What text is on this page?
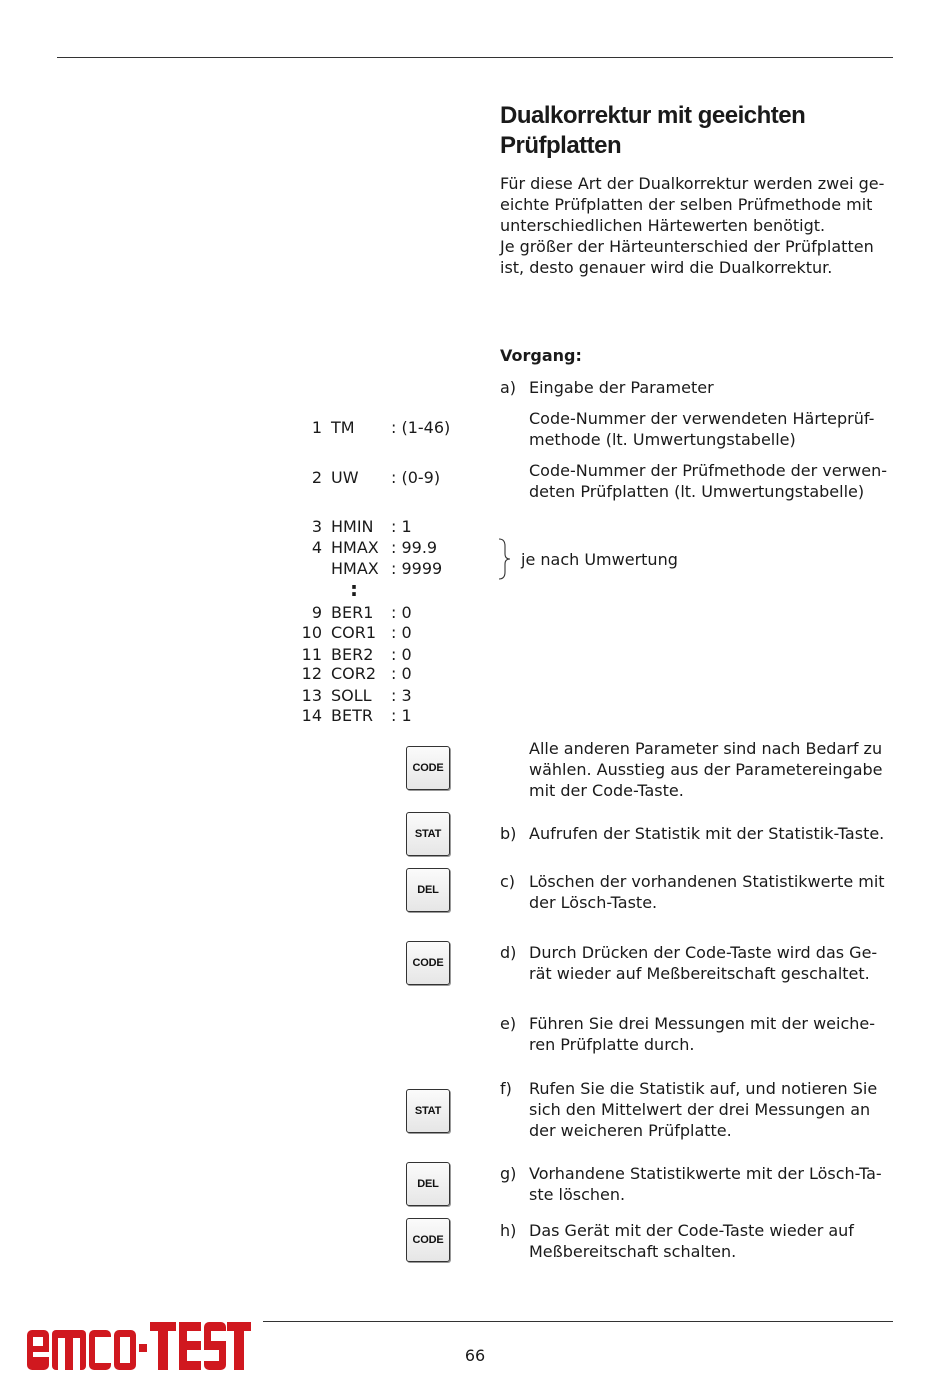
Dualkorrektur mit geeichten
Prüfplatten
Für diese Art der Dualkorrektur werden zwei ge-
eichte Prüfplatten der selben Prüfmethode mit
unterschiedlichen Härtewerten benötigt.
Je größer der Härteunterschied der Prüfplatten
ist, desto genauer wird die Dualkorrektur.
Vorgang:
a) Eingabe der Parameter
Code-Nummer der verwendeten Härteprüf-
methode (lt. Umwertungstabelle)
Code-Nummer der Prüfmethode der verwen-
deten Prüfplatten (lt. Umwertungstabelle)
1 TM : (1-46)
2 UW : (0-9)
3 HMIN : 1
4 HMAX : 99.9
HMAX : 9999
:
9 BER1 : 0
10 COR1 : 0
11 BER2 : 0
12 COR2 : 0
13 SOLL : 3
14 BETR : 1
je nach Umwertung
CODE
STAT
DEL
CODE
STAT
DEL
CODE
Alle anderen Parameter sind nach Bedarf zu
wählen. Ausstieg aus der Parametereingabe
mit der Code-Taste.
b) Aufrufen der Statistik mit der Statistik-Taste.
c) Löschen der vorhandenen Statistikwerte mit
der Lösch-Taste.
d) Durch Drücken der Code-Taste wird das Ge-
rät wieder auf Meßbereitschaft geschaltet.
e) Führen Sie drei Messungen mit der weiche-
ren Prüfplatte durch.
f) Rufen Sie die Statistik auf, und notieren Sie
sich den Mittelwert der drei Messungen an
der weicheren Prüfplatte.
g) Vorhandene Statistikwerte mit der Lösch-Ta-
ste löschen.
h) Das Gerät mit der Code-Taste wieder auf
Meßbereitschaft schalten.
66
